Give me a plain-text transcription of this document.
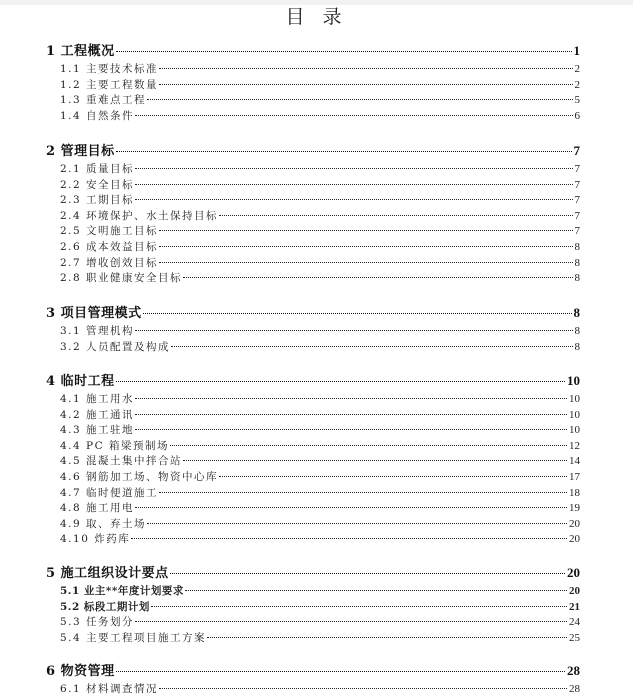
目 录
1 工程概况	1
1.1 主要技术标准	2
1.2 主要工程数量	2
1.3 重难点工程	5
1.4 自然条件	6
2 管理目标	7
2.1 质量目标	7
2.2 安全目标	7
2.3 工期目标	7
2.4 环境保护、水土保持目标	7
2.5 文明施工目标	7
2.6 成本效益目标	8
2.7 增收创效目标	8
2.8 职业健康安全目标	8
3 项目管理模式	8
3.1 管理机构	8
3.2 人员配置及构成	8
4 临时工程	10
4.1 施工用水	10
4.2 施工通讯	10
4.3 施工驻地	10
4.4 PC 箱梁预制场	12
4.5 混凝土集中拌合站	14
4.6 钢筋加工场、物资中心库	17
4.7 临时便道施工	18
4.8 施工用电	19
4.9 取、弃土场	20
4.10 炸药库	20
5 施工组织设计要点	20
5.1 业主**年度计划要求	20
5.2 标段工期计划	21
5.3 任务划分	24
5.4 主要工程项目施工方案	25
6 物资管理	28
6.1 材料调查情况	28
